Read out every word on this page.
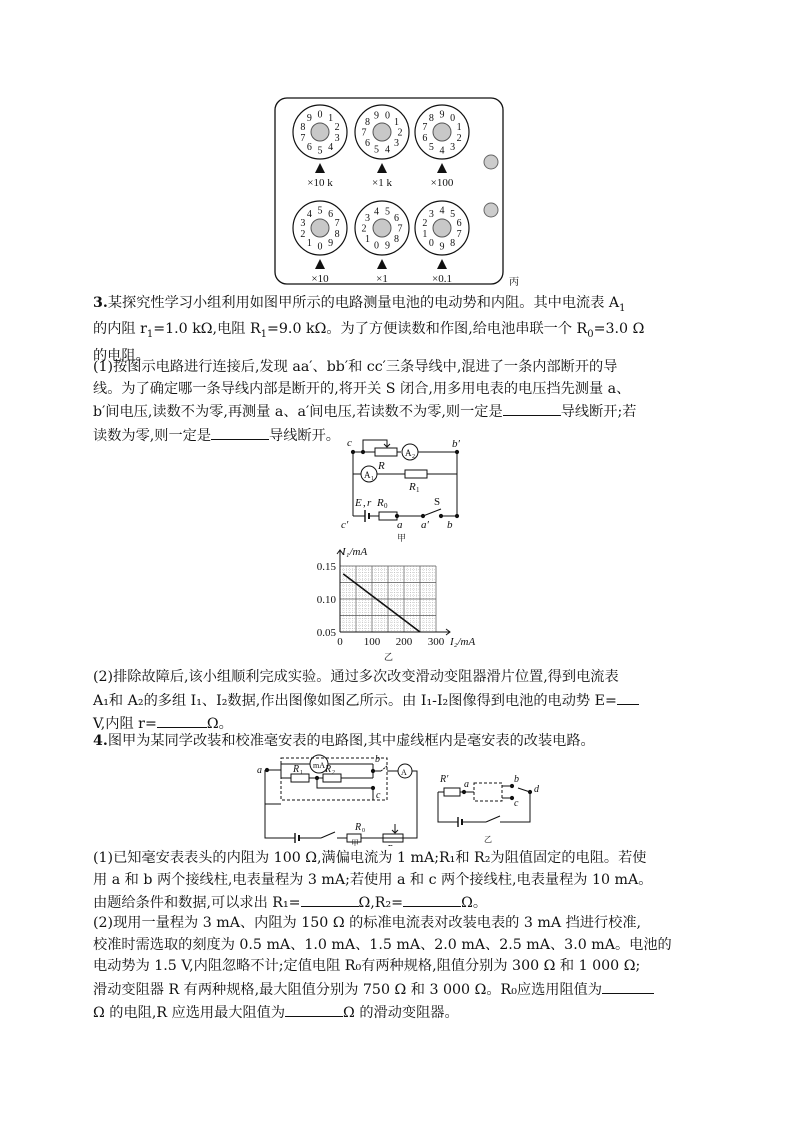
0 1
2
3
4
5
6
7
8
9
×10 k
0
1
2
3
4
5
6
7
8
9
×1 k
0
1
2
3
4
5
6
7
8 9
×100
0
1
2
3
4 5 6
7
8
9
×10
0
1
2
3
4 5
6
7
8
9
×1
0
1
2
3 4 5
6
7
8
9
×0.1	丙
3.某探究性学习小组利用如图甲所示的电路测量电池的电动势和内阻。其中电流表 $A_1$
的内阻 $r_1=1.0$ kΩ,电阻 $R_1=9.0$ kΩ。为了方便读数和作图,给电池串联一个 $R_0=3.0$ Ω
的电阻。
(1)按图示电路进行连接后,发现 aa′、bb′和 cc′三条导线中,混进了一条内部断开的导
线。为了确定哪一条导线内部是断开的,将开关 S 闭合,用多用电表的电压挡先测量 a、
b′间电压,读数不为零,再测量 a、a′间电压,若读数不为零,则一定是	导线断开;若
读数为零,则一定是	导线断开。 c
R
A 2
A 1
R 1
b′
E , r R 0	S
c′	a a′ b
甲
0.15
0.10
0.05
0 100 200 300
I₁/mA
I₂/mA
乙
(2)排除故障后,该小组顺利完成实验。通过多次改变滑动变阻器滑片位置,得到电流表
A₁和 A₂的多组 I₁、I₂数据,作出图像如图乙所示。由 I₁-I₂图像得到电池的电动势 E=
V,内阻 r=	Ω。
4.图甲为某同学改装和校准毫安表的电路图,其中虚线框内是毫安表的改装电路。
a
b
c
mA
R 1 R 2	A
R 0
甲
R′ a	b
c
d
乙
(1)已知毫安表表头的内阻为 100 Ω,满偏电流为 1 mA;R₁和 R₂为阻值固定的电阻。若使
用 a 和 b 两个接线柱,电表量程为 3 mA;若使用 a 和 c 两个接线柱,电表量程为 10 mA。
由题给条件和数据,可以求出 R₁=	Ω,R₂=	Ω。
(2)现用一量程为 3 mA、内阻为 150 Ω 的标准电流表对改装电表的 3 mA 挡进行校准,
校准时需选取的刻度为 0.5 mA、1.0 mA、1.5 mA、2.0 mA、2.5 mA、3.0 mA。电池的
电动势为 1.5 V,内阻忽略不计;定值电阻 R₀有两种规格,阻值分别为 300 Ω 和 1 000 Ω;
滑动变阻器 R 有两种规格,最大阻值分别为 750 Ω 和 3 000 Ω。R₀应选用阻值为
Ω 的电阻,R 应选用最大阻值为	Ω 的滑动变阻器。
